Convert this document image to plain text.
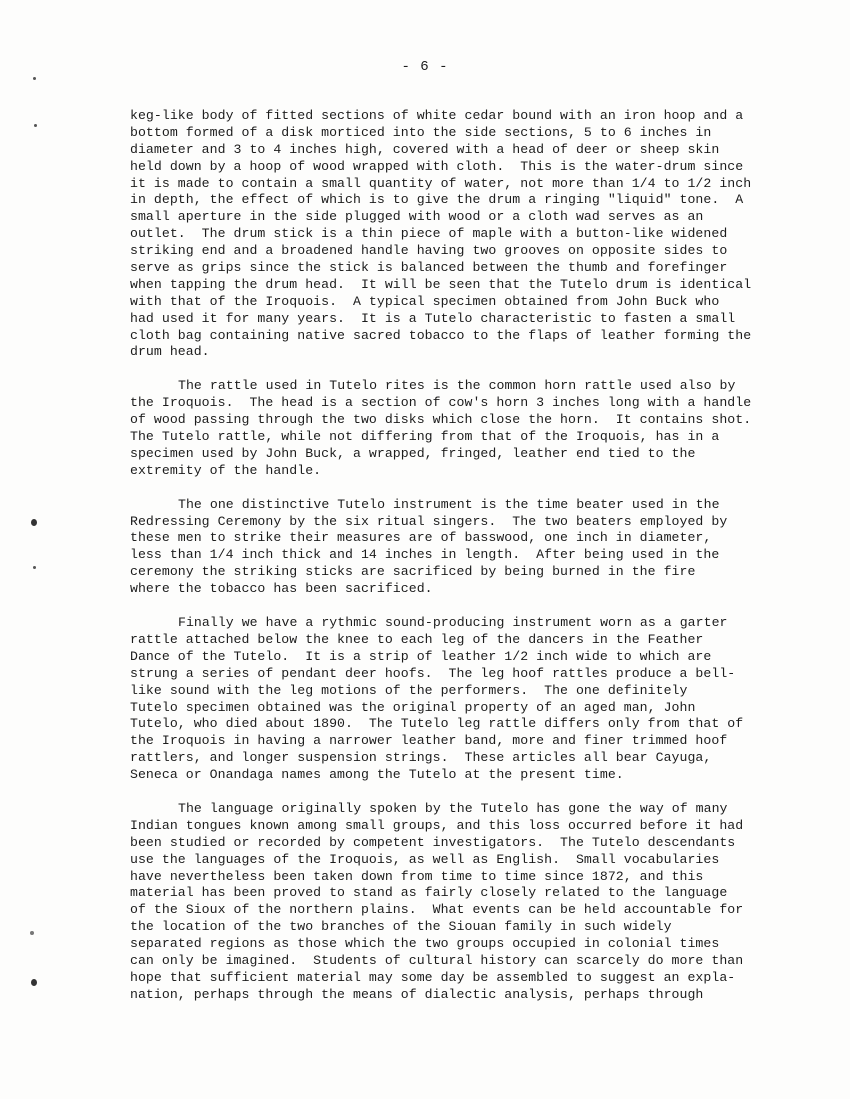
- 6 -
keg-like body of fitted sections of white cedar bound with an iron hoop and a
bottom formed of a disk morticed into the side sections, 5 to 6 inches in
diameter and 3 to 4 inches high, covered with a head of deer or sheep skin
held down by a hoop of wood wrapped with cloth.  This is the water-drum since
it is made to contain a small quantity of water, not more than 1/4 to 1/2 inch
in depth, the effect of which is to give the drum a ringing "liquid" tone.  A
small aperture in the side plugged with wood or a cloth wad serves as an
outlet.  The drum stick is a thin piece of maple with a button-like widened
striking end and a broadened handle having two grooves on opposite sides to
serve as grips since the stick is balanced between the thumb and forefinger
when tapping the drum head.  It will be seen that the Tutelo drum is identical
with that of the Iroquois.  A typical specimen obtained from John Buck who
had used it for many years.  It is a Tutelo characteristic to fasten a small
cloth bag containing native sacred tobacco to the flaps of leather forming the
drum head.
The rattle used in Tutelo rites is the common horn rattle used also by
the Iroquois.  The head is a section of cow's horn 3 inches long with a handle
of wood passing through the two disks which close the horn.  It contains shot.
The Tutelo rattle, while not differing from that of the Iroquois, has in a
specimen used by John Buck, a wrapped, fringed, leather end tied to the
extremity of the handle.
The one distinctive Tutelo instrument is the time beater used in the
Redressing Ceremony by the six ritual singers.  The two beaters employed by
these men to strike their measures are of basswood, one inch in diameter,
less than 1/4 inch thick and 14 inches in length.  After being used in the
ceremony the striking sticks are sacrificed by being burned in the fire
where the tobacco has been sacrificed.
Finally we have a rythmic sound-producing instrument worn as a garter
rattle attached below the knee to each leg of the dancers in the Feather
Dance of the Tutelo.  It is a strip of leather 1/2 inch wide to which are
strung a series of pendant deer hoofs.  The leg hoof rattles produce a bell-
like sound with the leg motions of the performers.  The one definitely
Tutelo specimen obtained was the original property of an aged man, John
Tutelo, who died about 1890.  The Tutelo leg rattle differs only from that of
the Iroquois in having a narrower leather band, more and finer trimmed hoof
rattlers, and longer suspension strings.  These articles all bear Cayuga,
Seneca or Onandaga names among the Tutelo at the present time.
The language originally spoken by the Tutelo has gone the way of many
Indian tongues known among small groups, and this loss occurred before it had
been studied or recorded by competent investigators.  The Tutelo descendants
use the languages of the Iroquois, as well as English.  Small vocabularies
have nevertheless been taken down from time to time since 1872, and this
material has been proved to stand as fairly closely related to the language
of the Sioux of the northern plains.  What events can be held accountable for
the location of the two branches of the Siouan family in such widely
separated regions as those which the two groups occupied in colonial times
can only be imagined.  Students of cultural history can scarcely do more than
hope that sufficient material may some day be assembled to suggest an expla-
nation, perhaps through the means of dialectic analysis, perhaps through
